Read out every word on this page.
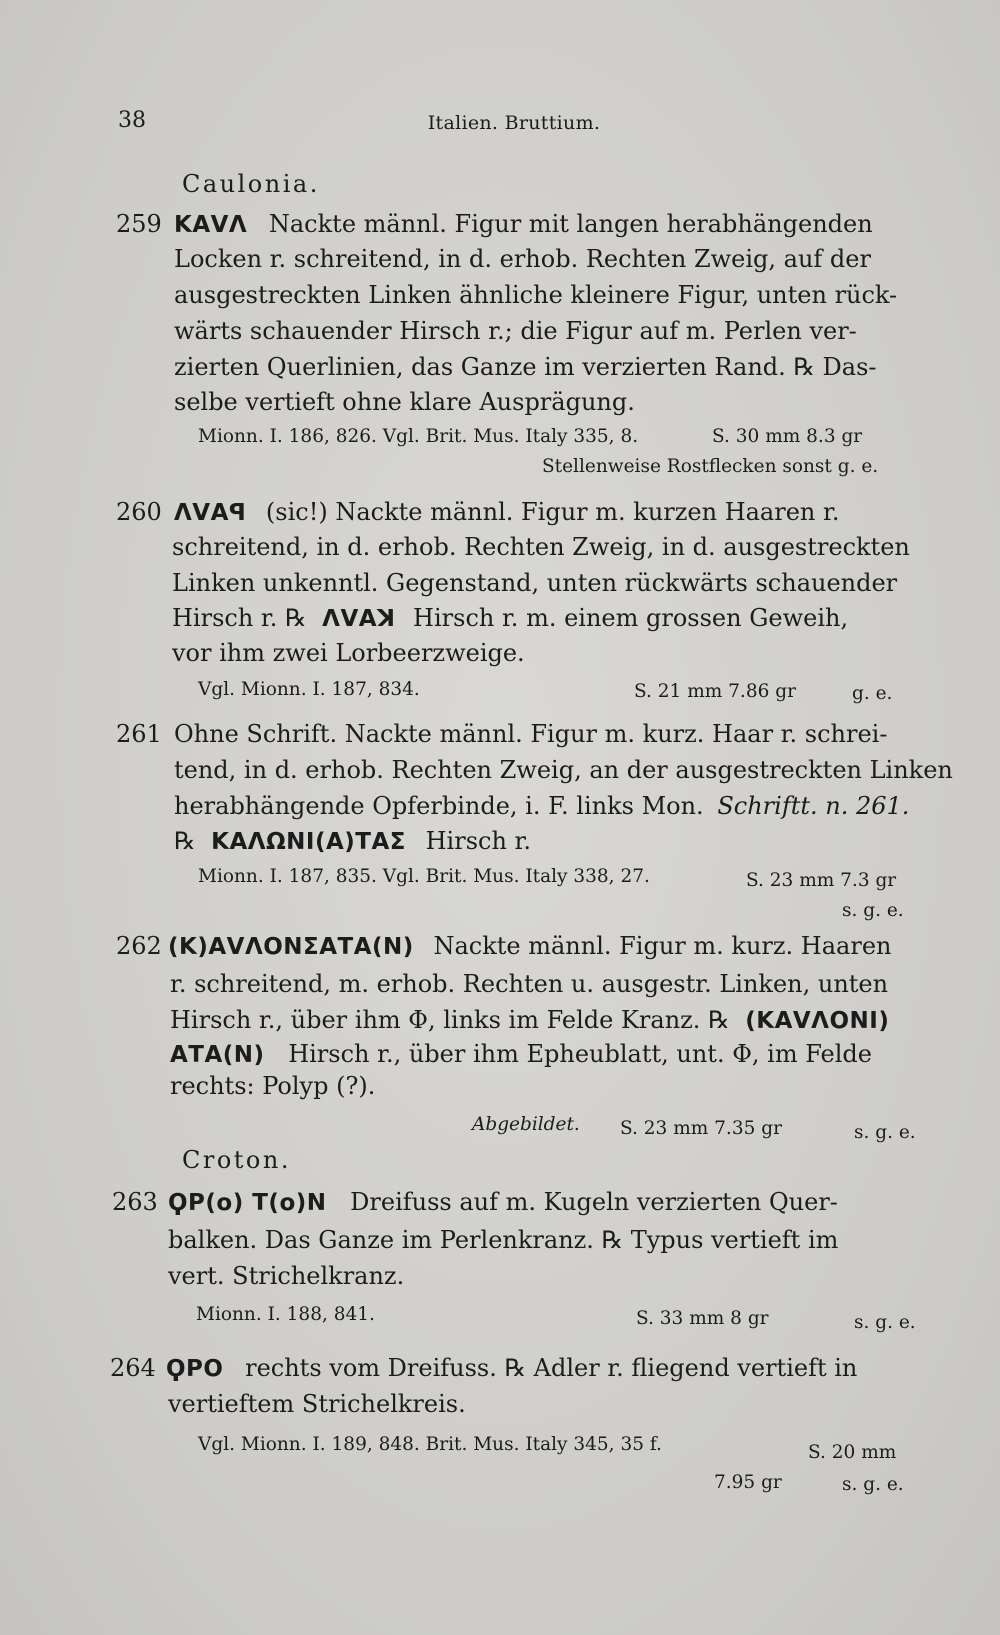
38	Italien. Bruttium.
Caulonia.
259 ΚΑVΛ Nackte männl. Figur mit langen herabhängenden
Locken r. schreitend, in d. erhob. Rechten Zweig, auf der
ausgestreckten Linken ähnliche kleinere Figur, unten rück-
wärts schauender Hirsch r.; die Figur auf m. Perlen ver-
zierten Querlinien, das Ganze im verzierten Rand. ℞ Das-
selbe vertieft ohne klare Ausprägung.
Mionn. I. 186, 826. Vgl. Brit. Mus. Italy 335, 8.	S. 30 mm 8.3 gr
Stellenweise Rostflecken sonst g. e.
260 ΛVΑꟼ (sic!) Nackte männl. Figur m. kurzen Haaren r.
schreitend, in d. erhob. Rechten Zweig, in d. ausgestreckten
Linken unkenntl. Gegenstand, unten rückwärts schauender
Hirsch r. ℞ ΛVΑꓘ Hirsch r. m. einem grossen Geweih,
vor ihm zwei Lorbeerzweige.
Vgl. Mionn. I. 187, 834.	S. 21 mm 7.86 gr	g. e.
261 Ohne Schrift. Nackte männl. Figur m. kurz. Haar r. schrei-
tend, in d. erhob. Rechten Zweig, an der ausgestreckten Linken
herabhängende Opferbinde, i. F. links Mon. Schriftt. n. 261.
℞ ΚΑΛΩΝΙ(Α)ΤΑΣ Hirsch r.
Mionn. I. 187, 835. Vgl. Brit. Mus. Italy 338, 27.	S. 23 mm 7.3 gr
s. g. e.
262 (Κ)ΑVΛΟΝΣΑΤΑ(Ν) Nackte männl. Figur m. kurz. Haaren
r. schreitend, m. erhob. Rechten u. ausgestr. Linken, unten
Hirsch r., über ihm Φ, links im Felde Kranz. ℞ (ΚΑVΛΟΝΙ)
ΑΤΑ(Ν) Hirsch r., über ihm Epheublatt, unt. Φ, im Felde
rechts: Polyp (?).
Abgebildet. S. 23 mm 7.35 gr	s. g. e.
Croton.
263 ϘΡ(ο) Τ(ο)Ν Dreifuss auf m. Kugeln verzierten Quer-
balken. Das Ganze im Perlenkranz. ℞ Typus vertieft im
vert. Strichelkranz.
Mionn. I. 188, 841.	S. 33 mm 8 gr	s. g. e.
264 ϘΡΟ rechts vom Dreifuss. ℞ Adler r. fliegend vertieft in
vertieftem Strichelkreis.
Vgl. Mionn. I. 189, 848. Brit. Mus. Italy 345, 35 f.	S. 20 mm
7.95 gr	s. g. e.
